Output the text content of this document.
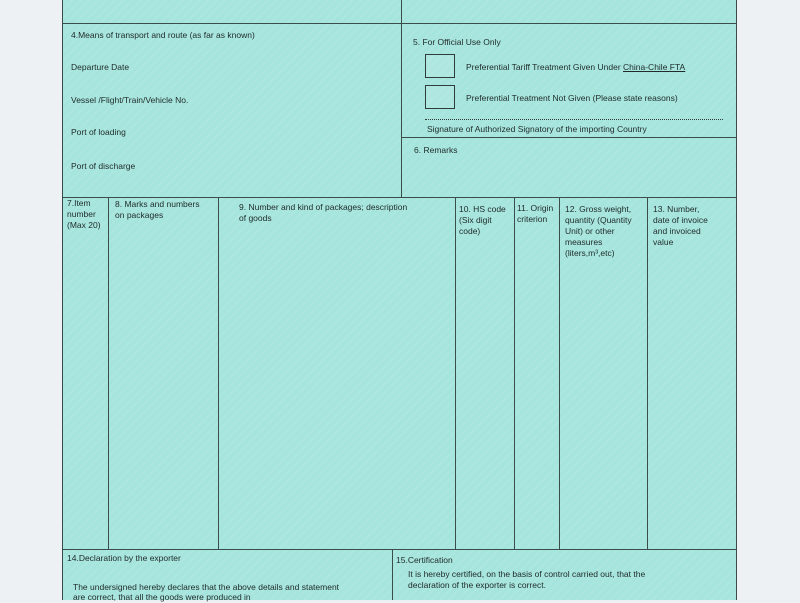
4.Means of transport and route (as far as known)
Departure Date
Vessel /Flight/Train/Vehicle No.
Port of loading
Port of discharge
5. For Official Use Only
Preferential Tariff Treatment Given Under China-Chile FTA
Preferential Treatment Not Given (Please state reasons)
Signature of Authorized Signatory of the importing Country
6. Remarks
7.Item
number
(Max 20)
8. Marks and numbers
on packages
9. Number and kind of packages; description
of goods
10. HS code
(Six digit
code)
11. Origin
criterion
12. Gross weight,
quantity (Quantity
Unit) or other
measures
(liters,m³,etc)
13. Number,
date of invoice
and invoiced
value
14.Declaration by the exporter
The undersigned hereby declares that the above details and statement
are correct, that all the goods were produced in
15.Certification
It is hereby certified, on the basis of control carried out, that the
declaration of the exporter is correct.
